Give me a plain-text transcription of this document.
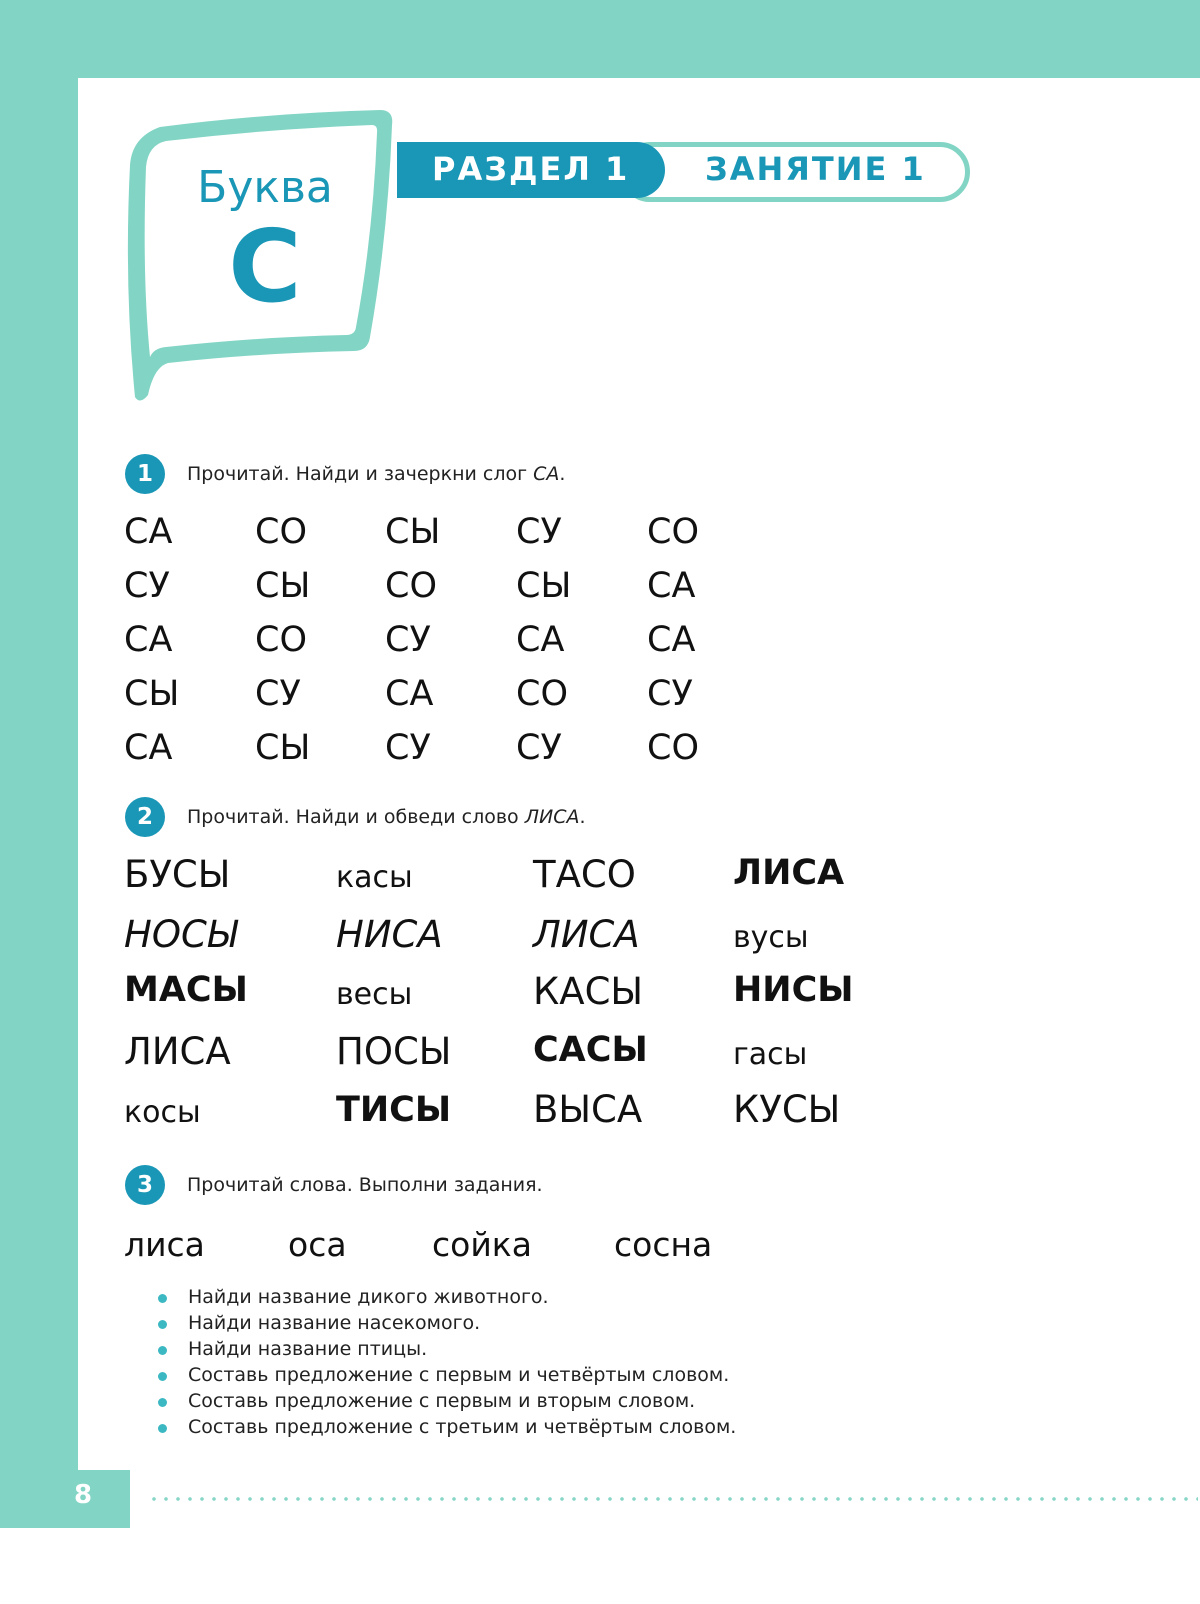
8
Буква
С
РАЗДЕЛ 1 ЗАНЯТИЕ 1
1	Прочитай. Найди и зачеркни слог СА.
СА СО СЫ СУ СО
СУ СЫ СО СЫ СА
СА СО СУ СА СА
СЫ СУ СА СО СУ
СА СЫ СУ СУ СО
2	Прочитай. Найди и обведи слово ЛИСА.
БУСЫ	касы	ТАСО	ЛИСА
НОСЫ	НИСА ЛИСА	вусы
МАСЫ	весы	КАСЫ	НИСЫ
ЛИСА	ПОСЫ САСЫ	гасы
косы	ТИСЫ ВЫСА КУСЫ
3	Прочитай слова. Выполни задания.
лиса	оса	сойка сосна
Найди название дикого животного.
Найди название насекомого.
Найди название птицы.
Составь предложение с первым и четвёртым словом.
Составь предложение с первым и вторым словом.
Составь предложение с третьим и четвёртым словом.
